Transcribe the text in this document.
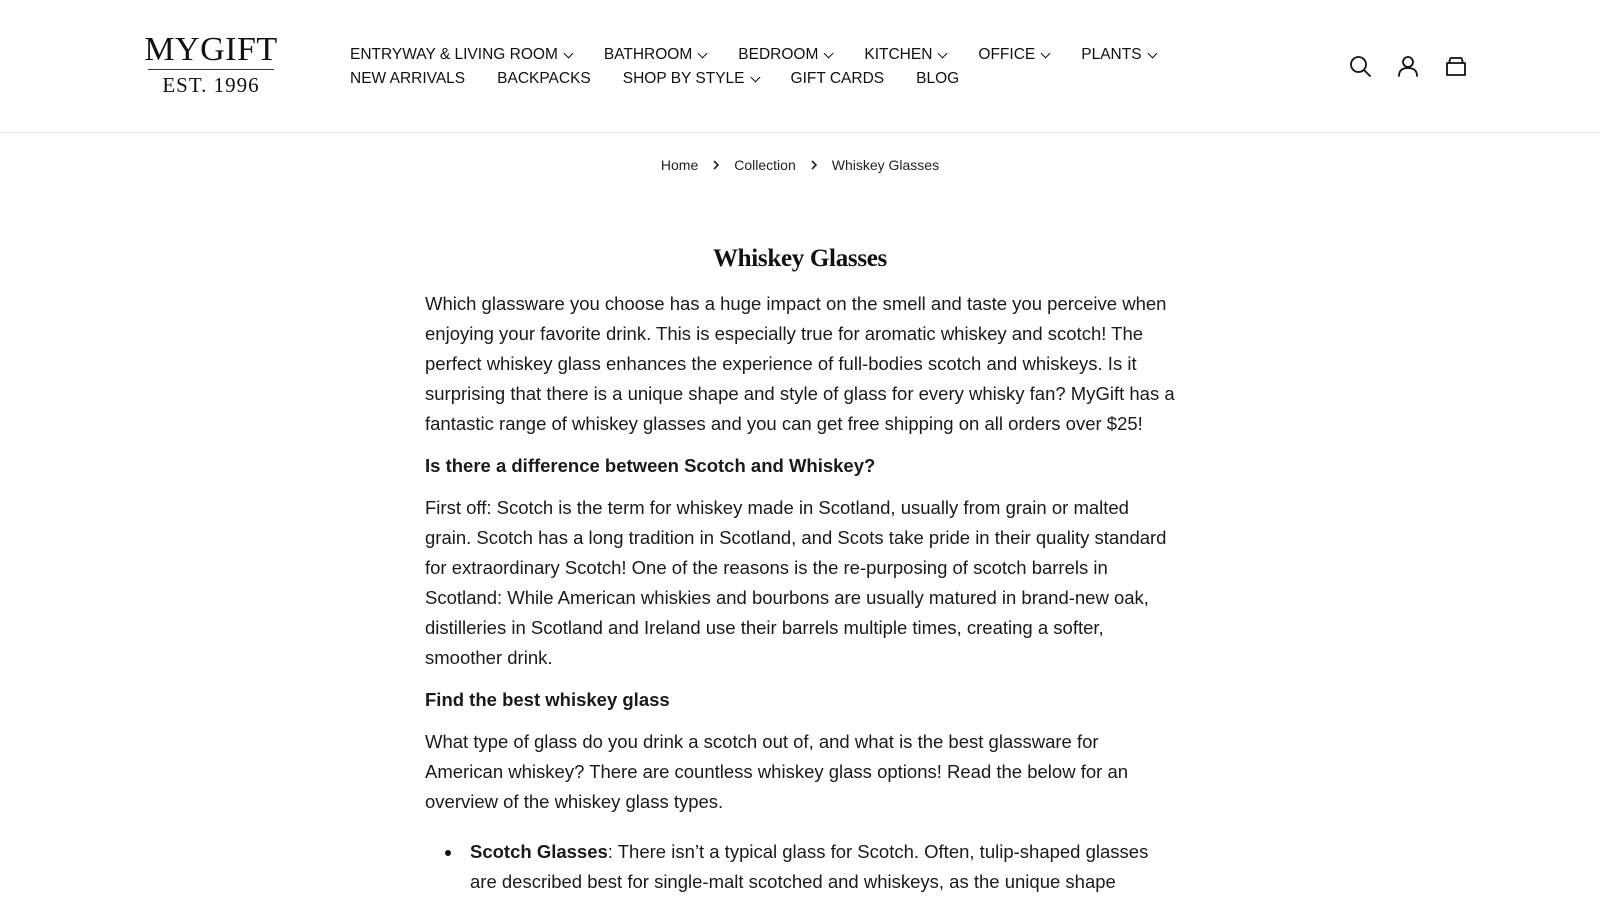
MYGIFT
EST. 1996
ENTRYWAY & LIVING ROOM	BATHROOM	BEDROOM	KITCHEN	OFFICE	PLANTS
NEW ARRIVALS BACKPACKS SHOP BY STYLE	GIFT CARDS BLOG
Home	Collection	Whiskey Glasses
Whiskey Glasses

Which glassware you choose has a huge impact on the smell and taste you perceive when enjoying your favorite drink. This is especially true for aromatic whiskey and scotch! The perfect whiskey glass enhances the experience of full-bodies scotch and whiskeys. Is it surprising that there is a unique shape and style of glass for every whisky fan? MyGift has a fantastic range of whiskey glasses and you can get free shipping on all orders over $25!

Is there a difference between Scotch and Whiskey?

First off: Scotch is the term for whiskey made in Scotland, usually from grain or malted grain. Scotch has a long tradition in Scotland, and Scots take pride in their quality standard for extraordinary Scotch! One of the reasons is the re-purposing of scotch barrels in Scotland: While American whiskies and bourbons are usually matured in brand-new oak, distilleries in Scotland and Ireland use their barrels multiple times, creating a softer, smoother drink.

Find the best whiskey glass

What type of glass do you drink a scotch out of, and what is the best glassware for American whiskey? There are countless whiskey glass options! Read the below for an overview of the whiskey glass types.

Scotch Glasses: There isn’t a typical glass for Scotch. Often, tulip-shaped glasses are described best for single-malt scotched and whiskeys, as the unique shape
